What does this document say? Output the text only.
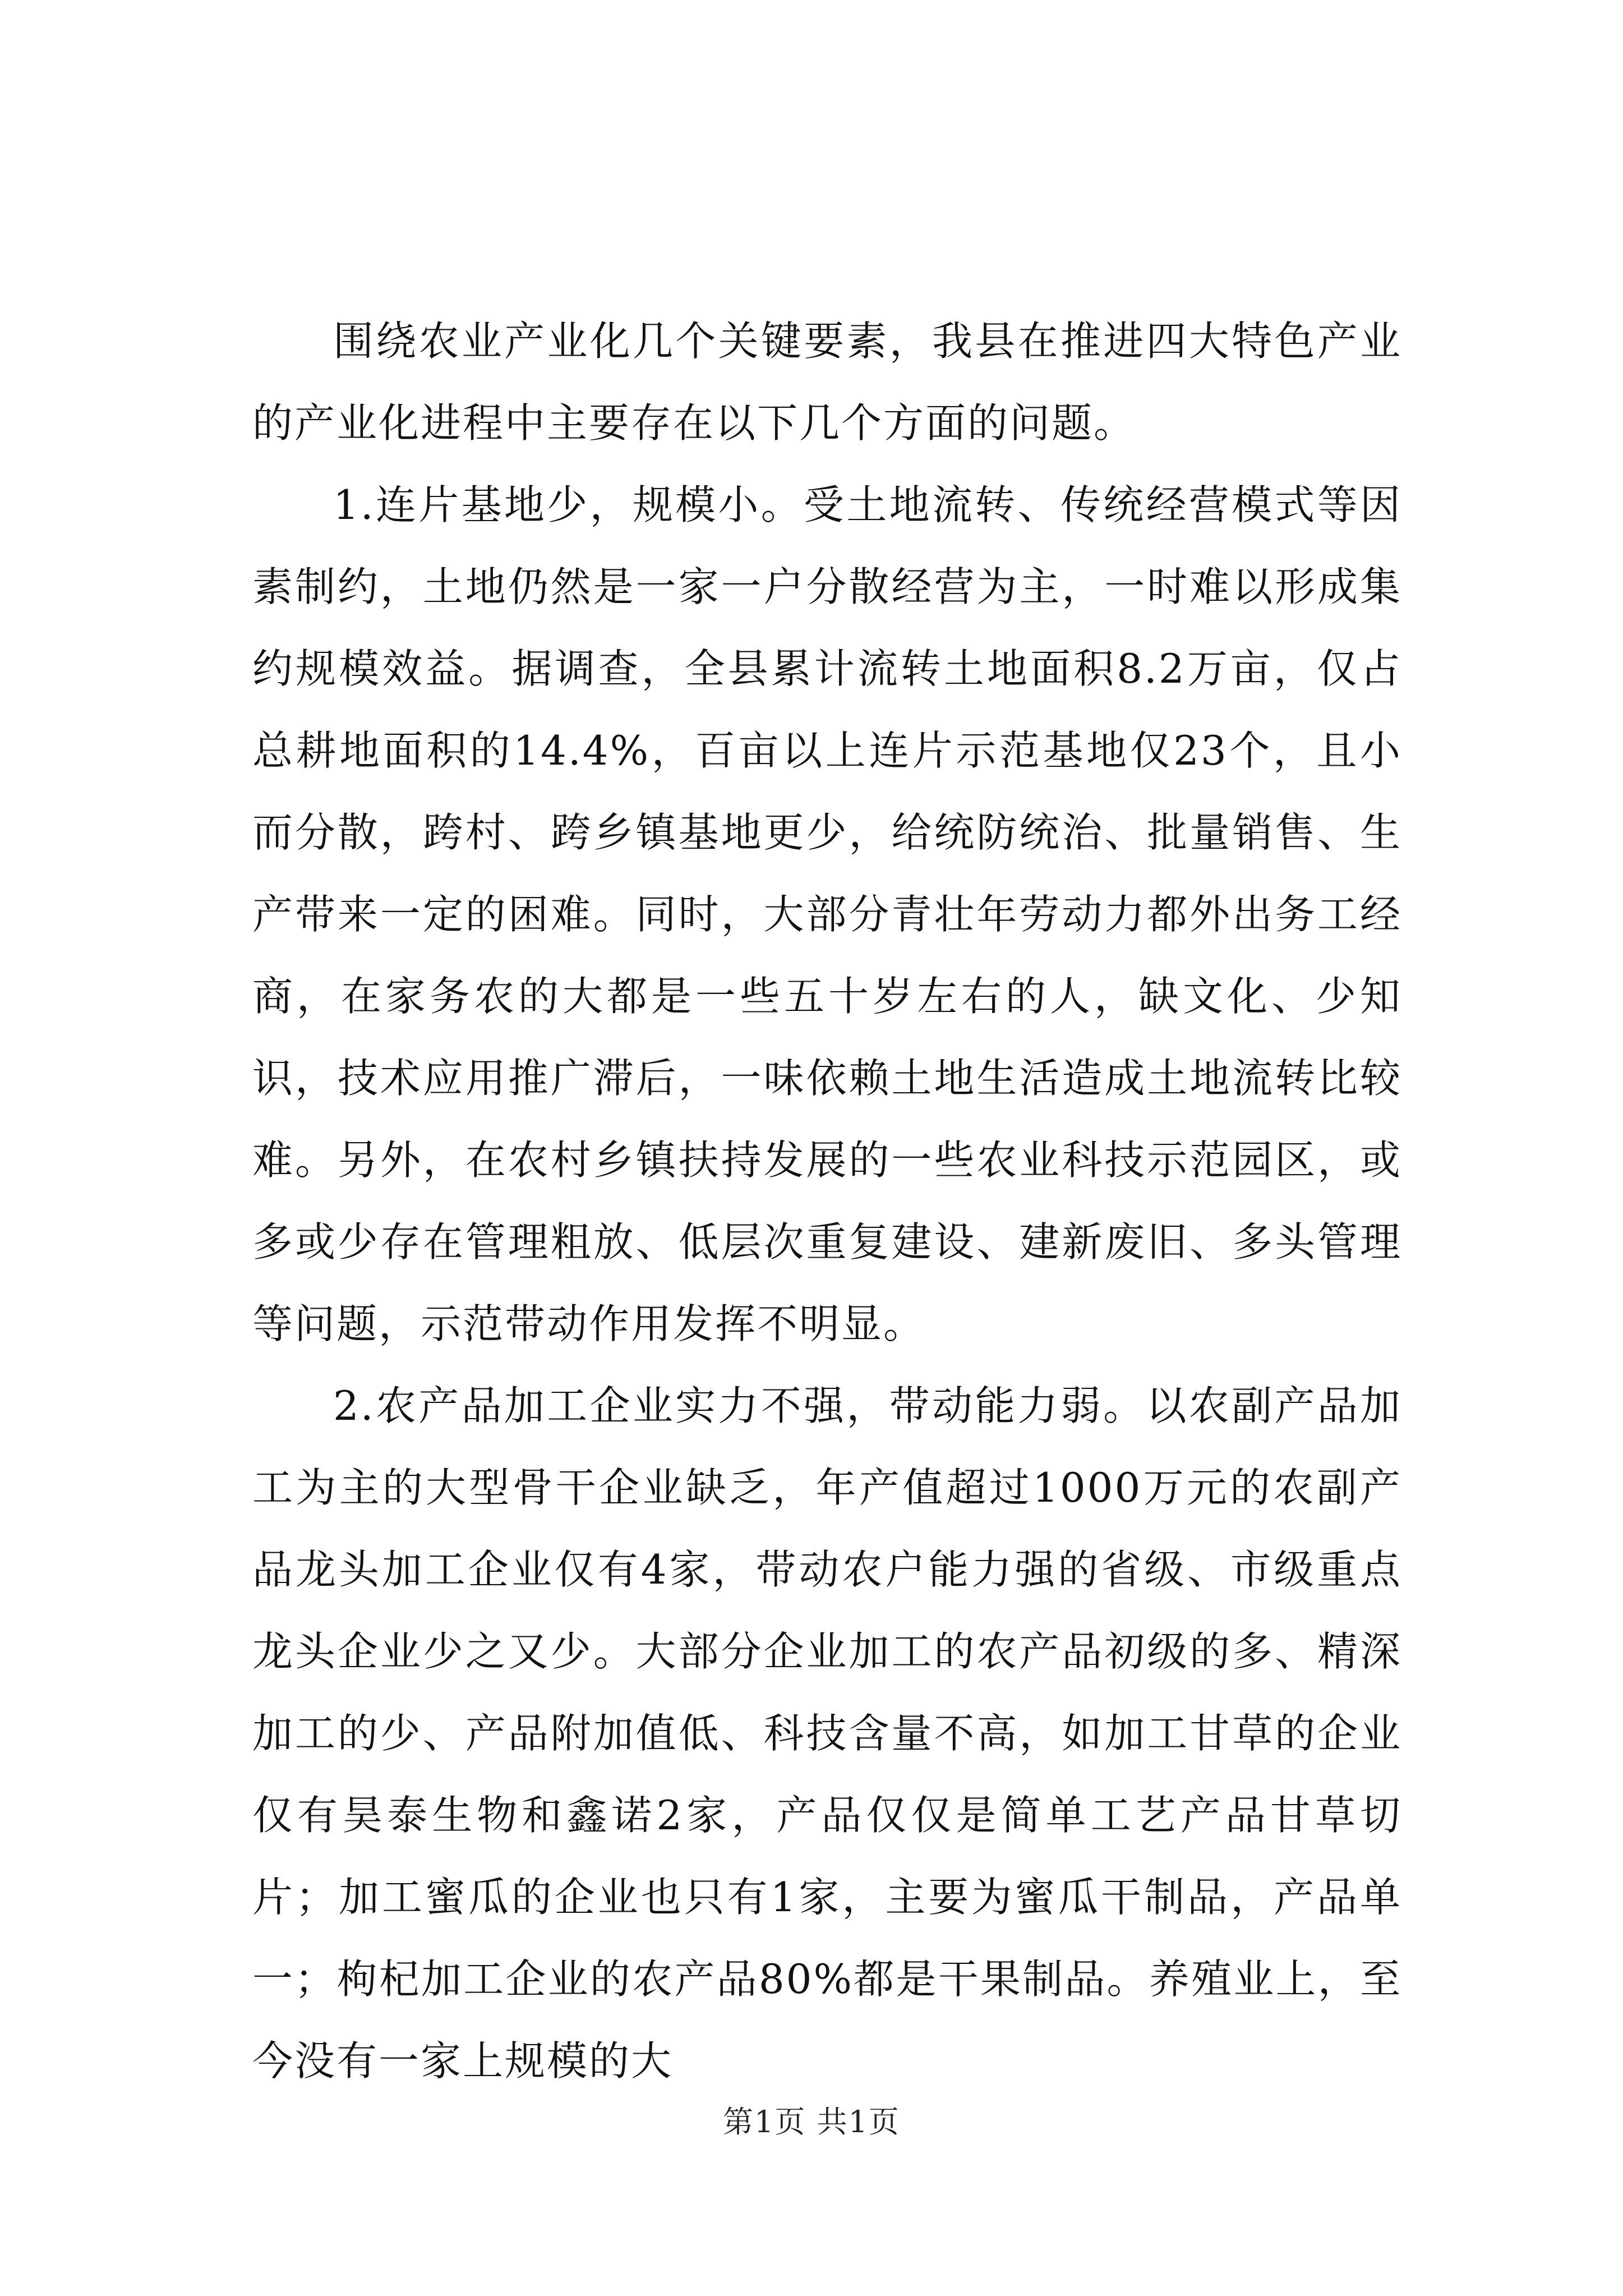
围绕农业产业化几个关键要素，我县在推进四大特色产业的产业化进程中主要存在以下几个方面的问题。

1.连片基地少，规模小。受土地流转、传统经营模式等因素制约，土地仍然是一家一户分散经营为主，一时难以形成集约规模效益。据调查，全县累计流转土地面积8.2万亩，仅占总耕地面积的14.4%，百亩以上连片示范基地仅23个，且小而分散，跨村、跨乡镇基地更少，给统防统治、批量销售、生产带来一定的困难。同时，大部分青壮年劳动力都外出务工经商，在家务农的大都是一些五十岁左右的人，缺文化、少知识，技术应用推广滞后，一味依赖土地生活造成土地流转比较难。另外，在农村乡镇扶持发展的一些农业科技示范园区，或多或少存在管理粗放、低层次重复建设、建新废旧、多头管理等问题，示范带动作用发挥不明显。

2.农产品加工企业实力不强，带动能力弱。以农副产品加工为主的大型骨干企业缺乏，年产值超过1000万元的农副产品龙头加工企业仅有4家，带动农户能力强的省级、市级重点龙头企业少之又少。大部分企业加工的农产品初级的多、精深加工的少、产品附加值低、科技含量不高，如加工甘草的企业仅有昊泰生物和鑫诺2家，产品仅仅是简单工艺产品甘草切片；加工蜜瓜的企业也只有1家，主要为蜜瓜干制品，产品单一；枸杞加工企业的农产品80%都是干果制品。养殖业上，至今没有一家上规模的大

第1页 共1页
